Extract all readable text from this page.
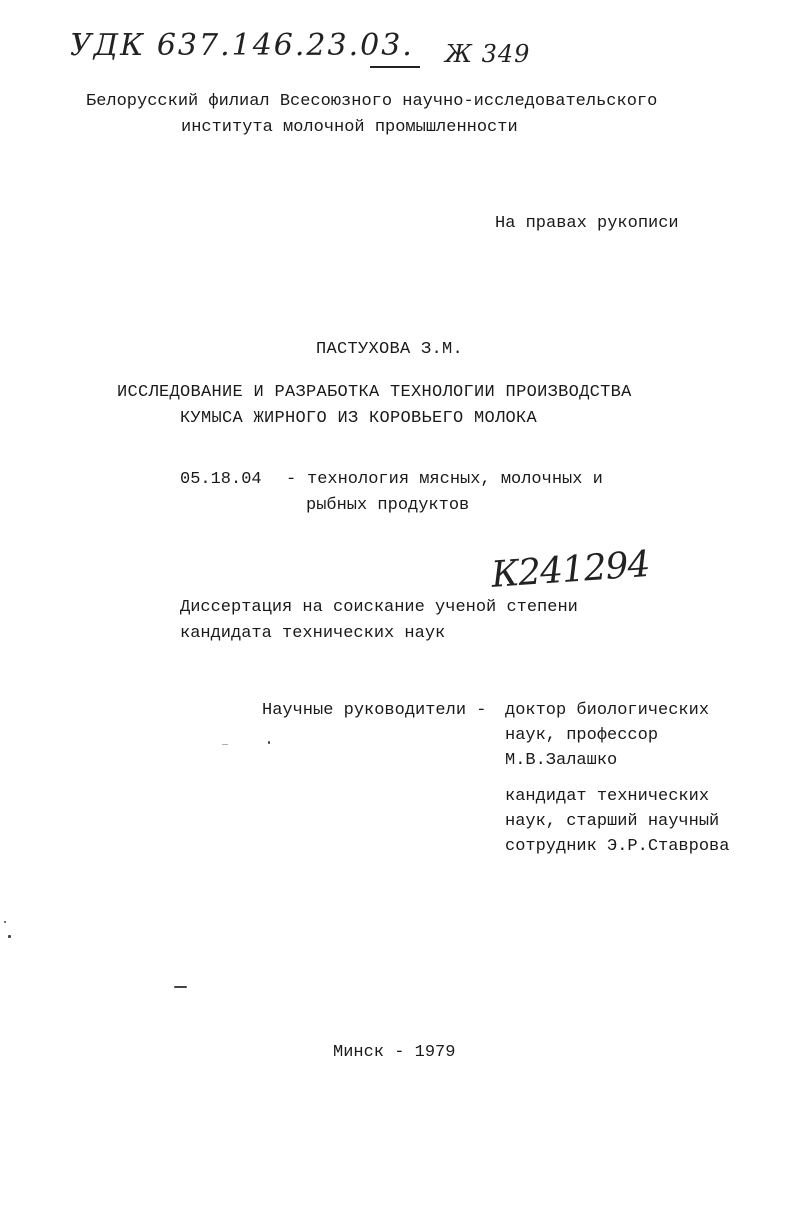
УДК 637.146.23.03. Ж 349
К241294
Белорусский филиал Всесоюзного научно-исследовательского
института молочной промышленности
На правах рукописи
ПАСТУХОВА З.М.
ИССЛЕДОВАНИЕ И РАЗРАБОТКА ТЕХНОЛОГИИ ПРОИЗВОДСТВА
КУМЫСА ЖИРНОГО ИЗ КОРОВЬЕГО МОЛОКА
05.18.04 - технология мясных, молочных и
рыбных продуктов
Диссертация на соискание ученой степени
кандидата технических наук
Научные руководители - доктор биологических
наук, профессор
М.В.Залашко
кандидат технических
наук, старший научный
сотрудник Э.Р.Ставрова
Минск - 1979
